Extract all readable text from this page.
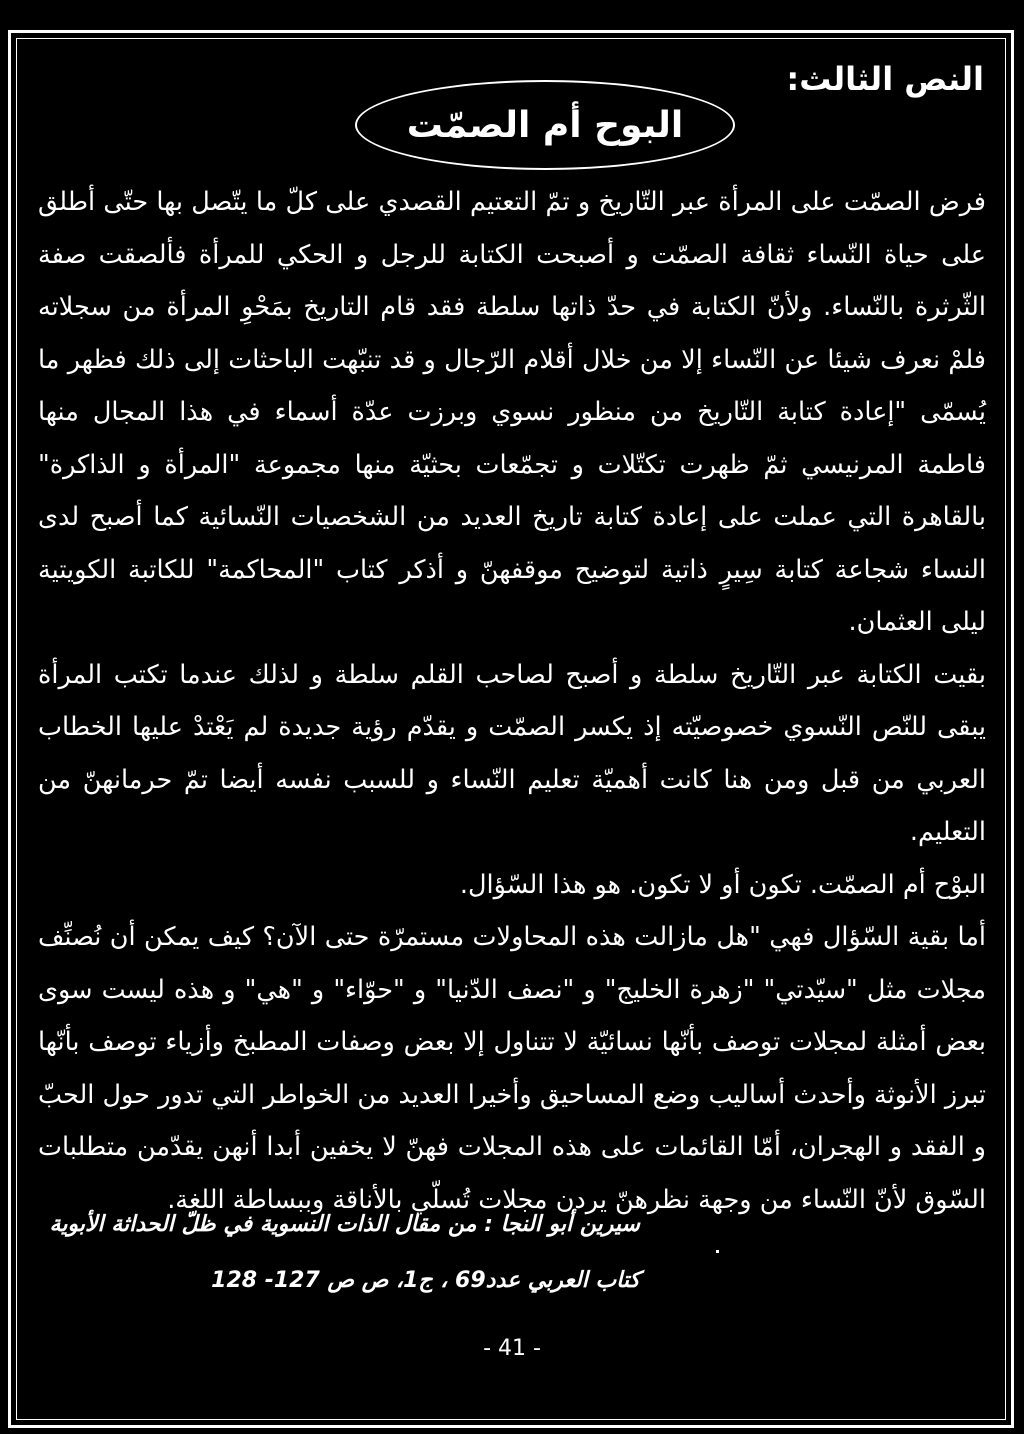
النص الثالث:
البوح أم الصمّت

فرض الصمّت على المرأة عبر التّاريخ و تمّ التعتيم القصدي على كلّ ما يتّصل بها حتّى أطلق على حياة النّساء ثقافة الصمّت و أصبحت الكتابة للرجل و الحكي للمرأة فألصقت صفة الثّرثرة بالنّساء. ولأنّ الكتابة في حدّ ذاتها سلطة فقد قام التاريخ بمَحْوِ المرأة من سجلاته فلمْ نعرف شيئا عن النّساء إلا من خلال أقلام الرّجال و قد تنبّهت الباحثات إلى ذلك فظهر ما يُسمّى "إعادة كتابة التّاريخ من منظور نسوي وبرزت عدّة أسماء في هذا المجال منها فاطمة المرنيسي ثمّ ظهرت تكتّلات و تجمّعات بحثيّة منها مجموعة "المرأة و الذاكرة" بالقاهرة التي عملت على إعادة كتابة تاريخ العديد من الشخصيات النّسائية كما أصبح لدى النساء شجاعة كتابة سِيرٍ ذاتية لتوضيح موقفهنّ و أذكر كتاب "المحاكمة" للكاتبة الكويتية ليلى العثمان.

بقيت الكتابة عبر التّاريخ سلطة و أصبح لصاحب القلم سلطة و لذلك عندما تكتب المرأة يبقى للنّص النّسوي خصوصيّته إذ يكسر الصمّت و يقدّم رؤية جديدة لم يَعْتدْ عليها الخطاب العربي من قبل ومن هنا كانت أهميّة تعليم النّساء و للسبب نفسه أيضا تمّ حرمانهنّ من التعليم.

البوْح أم الصمّت. تكون أو لا تكون. هو هذا السّؤال.

أما بقية السّؤال فهي "هل مازالت هذه المحاولات مستمرّة حتى الآن؟ كيف يمكن أن نُصنِّف مجلات مثل "سيّدتي" "زهرة الخليج" و "نصف الدّنيا" و "حوّاء" و "هي" و هذه ليست سوى بعض أمثلة لمجلات توصف بأنّها نسائيّة لا تتناول إلا بعض وصفات المطبخ وأزياء توصف بأنّها تبرز الأنوثة وأحدث أساليب وضع المساحيق وأخيرا العديد من الخواطر التي تدور حول الحبّ و الفقد و الهجران، أمّا القائمات على هذه المجلات فهنّ لا يخفين أبدا أنهن يقدّمن متطلبات السّوق لأنّ النّساء من وجهة نظرهنّ يردن مجلات تُسلّي بالأناقة وببساطة اللغة.

سيرين أبو النجا : من مقال الذات النسوية في ظلّ الحداثة الأبوية
كتاب العربي عدد69 ، ج1، ص ص 127- 128
- 41 -
